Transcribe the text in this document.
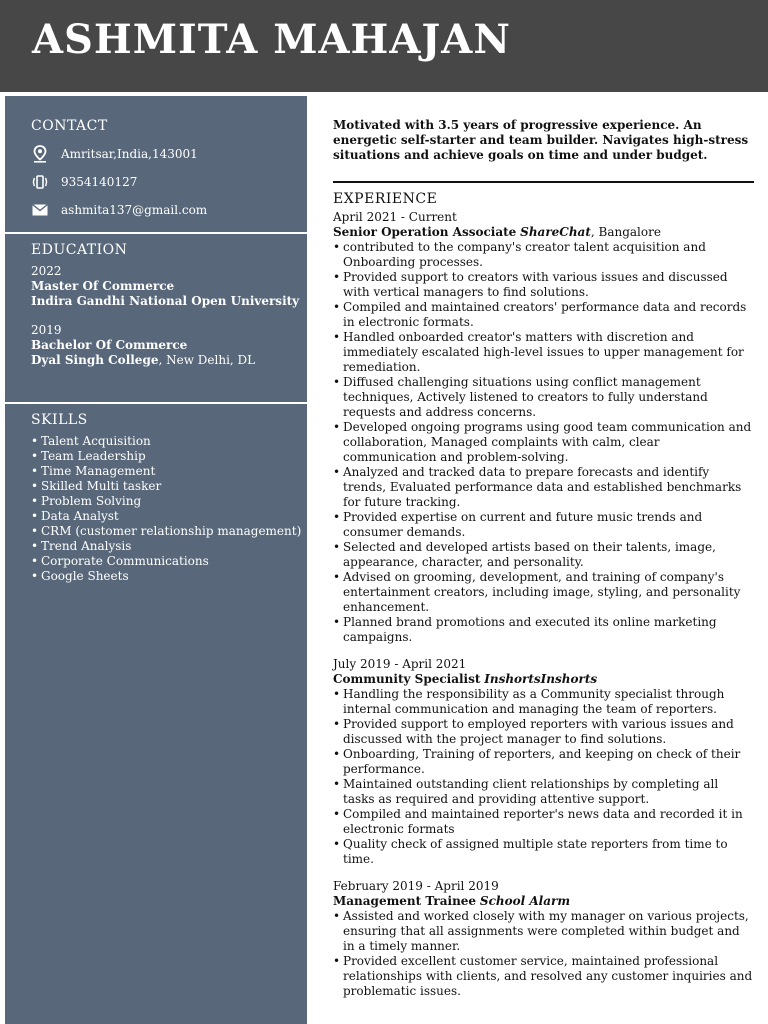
ASHMITA MAHAJAN
CONTACT
Amritsar,India,143001
9354140127
ashmita137@gmail.com
EDUCATION
2022
Master Of Commerce
Indira Gandhi National Open University
2019
Bachelor Of Commerce
Dyal Singh College, New Delhi, DL
SKILLS
• Talent Acquisition
• Team Leadership
• Time Management
• Skilled Multi tasker
• Problem Solving
• Data Analyst
• CRM (customer relationship management)
• Trend Analysis
• Corporate Communications
• Google Sheets

Motivated with 3.5 years of progressive experience. An energetic self-starter and team builder. Navigates high-stress situations and achieve goals on time and under budget.

EXPERIENCE
April 2021 - Current
Senior Operation Associate ShareChat, Bangalore
• contributed to the company's creator talent acquisition and Onboarding processes.
• Provided support to creators with various issues and discussed with vertical managers to find solutions.
• Compiled and maintained creators' performance data and records in electronic formats.
• Handled onboarded creator's matters with discretion and immediately escalated high-level issues to upper management for remediation.
• Diffused challenging situations using conflict management techniques, Actively listened to creators to fully understand requests and address concerns.
• Developed ongoing programs using good team communication and collaboration, Managed complaints with calm, clear communication and problem-solving.
• Analyzed and tracked data to prepare forecasts and identify trends, Evaluated performance data and established benchmarks for future tracking.
• Provided expertise on current and future music trends and consumer demands.
• Selected and developed artists based on their talents, image, appearance, character, and personality.
• Advised on grooming, development, and training of company's entertainment creators, including image, styling, and personality enhancement.
• Planned brand promotions and executed its online marketing campaigns.
July 2019 - April 2021
Community Specialist InshortsInshorts
• Handling the responsibility as a Community specialist through internal communication and managing the team of reporters.
• Provided support to employed reporters with various issues and discussed with the project manager to find solutions.
• Onboarding, Training of reporters, and keeping on check of their performance.
• Maintained outstanding client relationships by completing all tasks as required and providing attentive support.
• Compiled and maintained reporter's news data and recorded it in electronic formats
• Quality check of assigned multiple state reporters from time to time.
February 2019 - April 2019
Management Trainee School Alarm
• Assisted and worked closely with my manager on various projects, ensuring that all assignments were completed within budget and in a timely manner.
• Provided excellent customer service, maintained professional relationships with clients, and resolved any customer inquiries and problematic issues.
